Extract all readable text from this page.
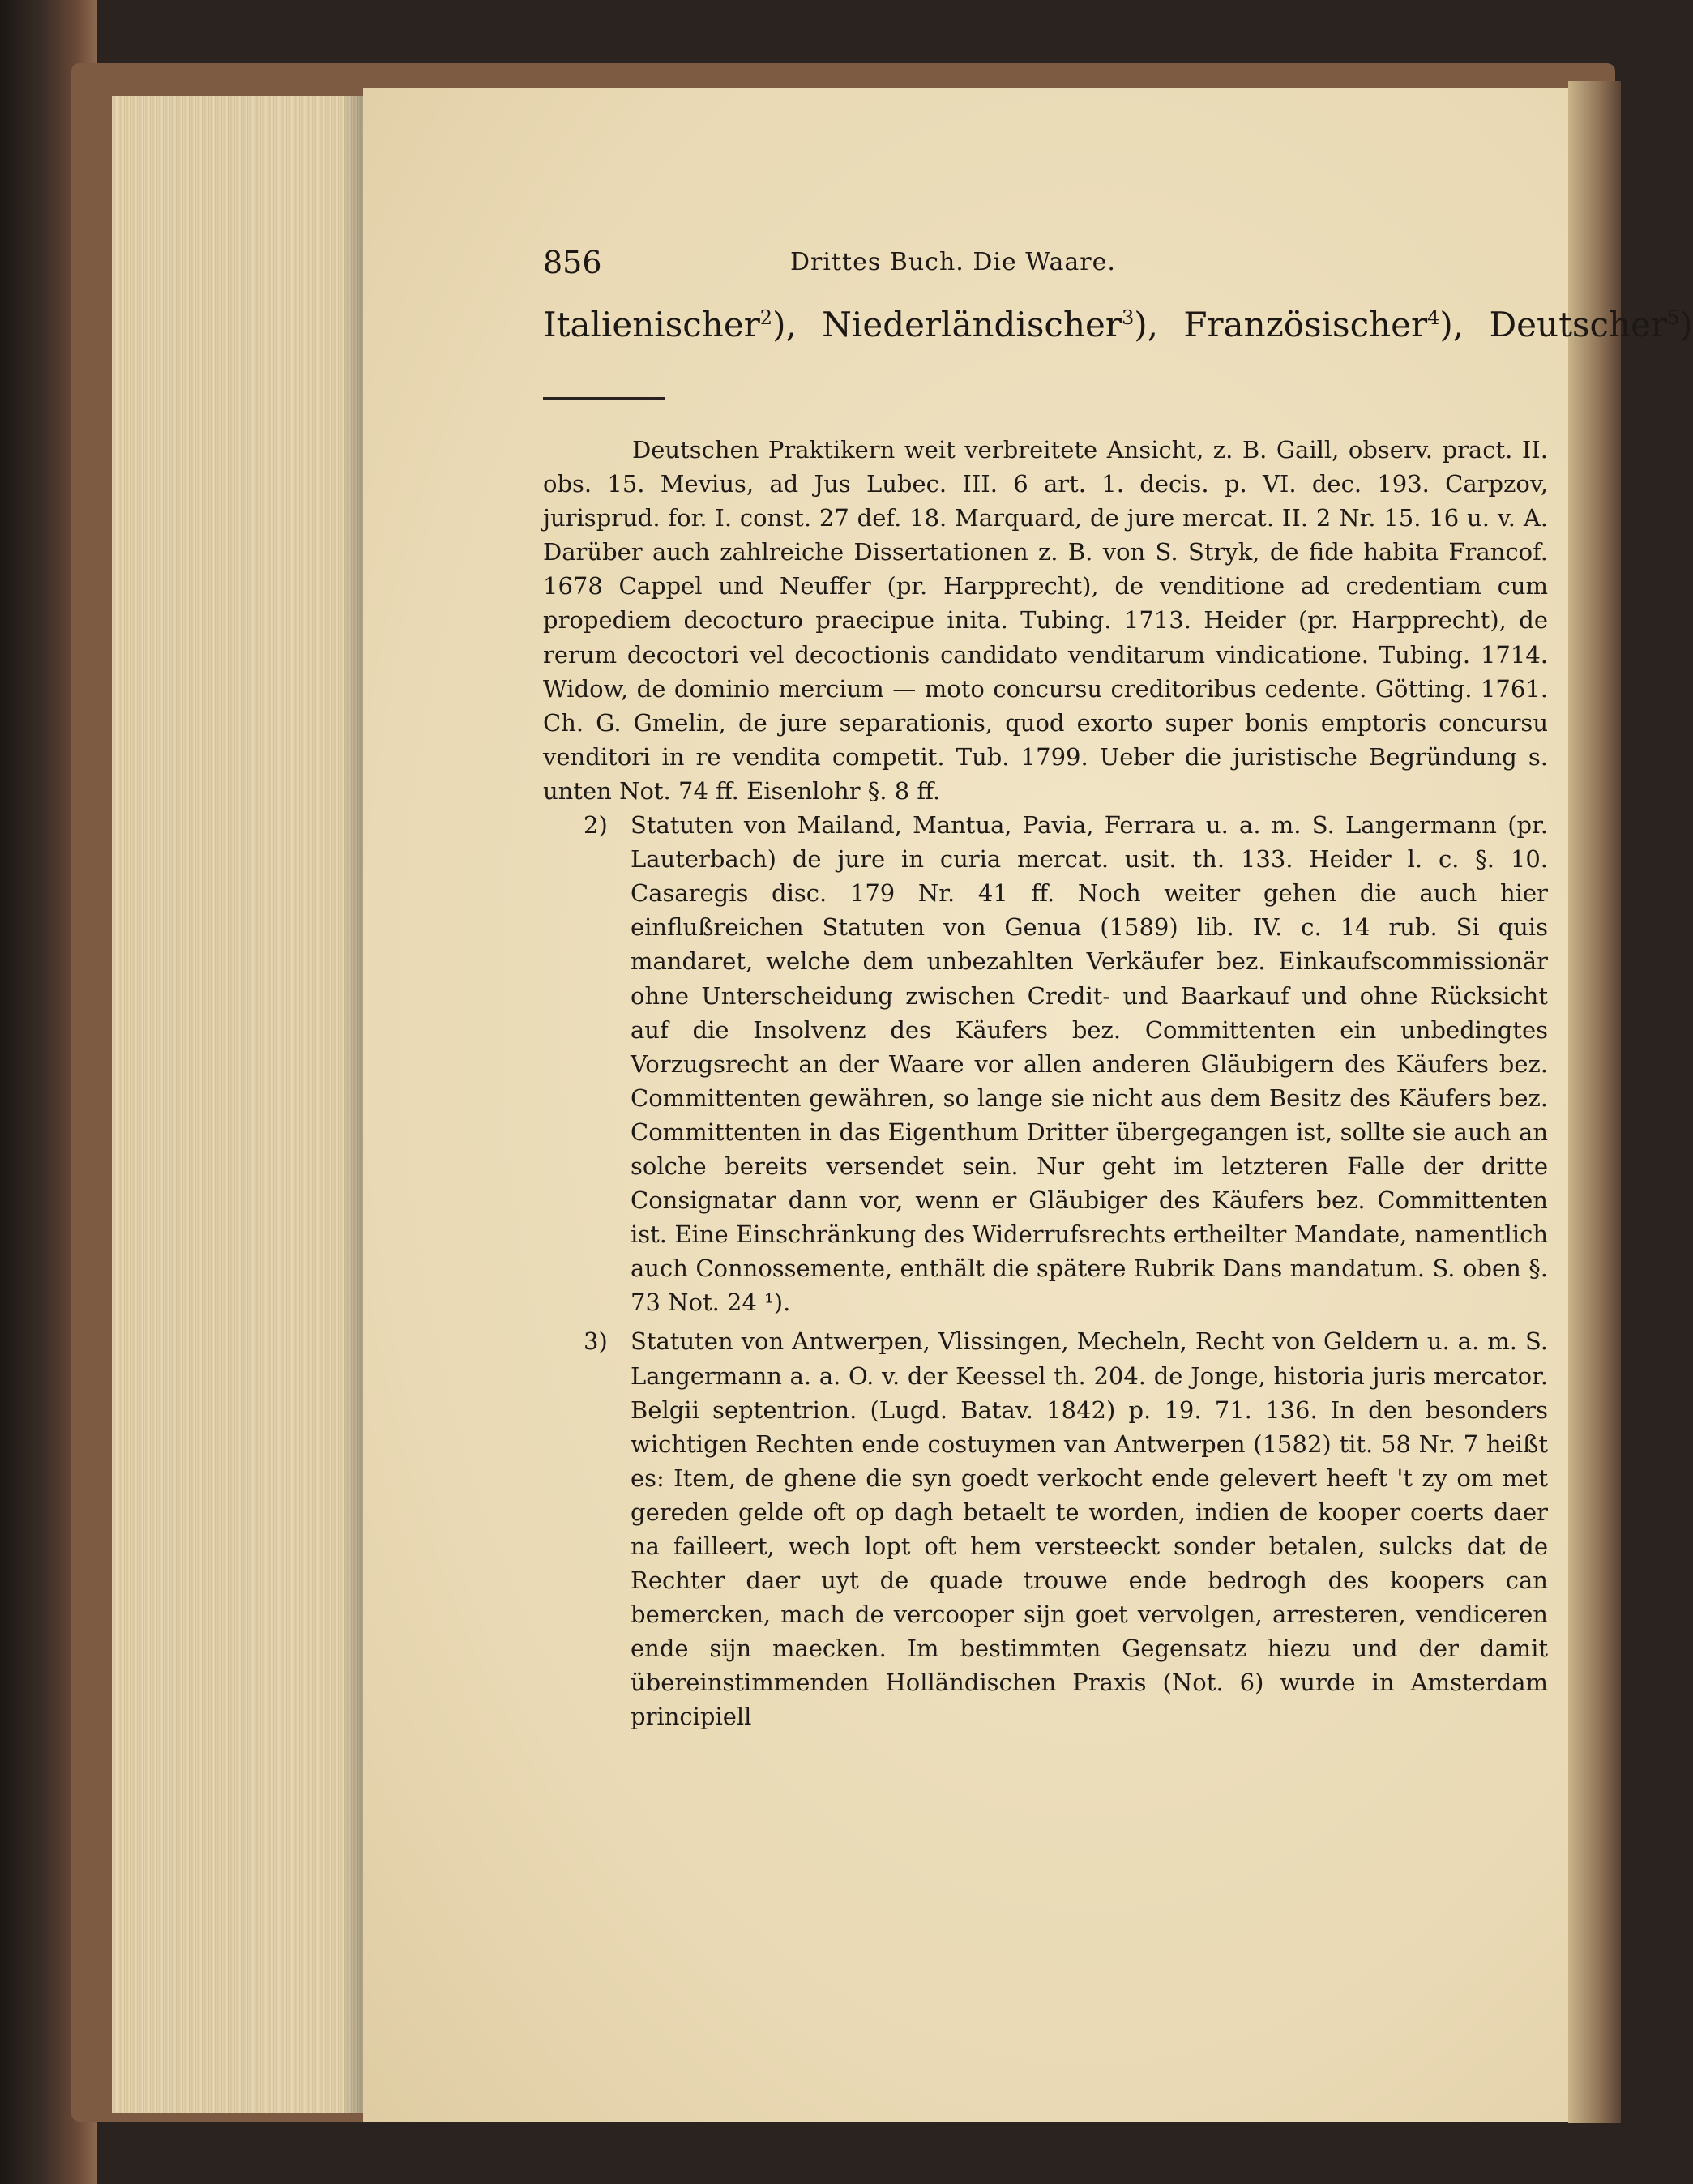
856	Drittes Buch. Die Waare.
Italienischer$^2$), Niederländischer$^3$), Französischer$^4$), Deutscher$^5$)

Deutschen Praktikern weit verbreitete Ansicht, z. B. Gaill, observ. pract. II. obs. 15. Mevius, ad Jus Lubec. III. 6 art. 1. decis. p. VI. dec. 193. Carpzov, jurisprud. for. I. const. 27 def. 18. Marquard, de jure mercat. II. 2 Nr. 15. 16 u. v. A. Darüber auch zahlreiche Dissertationen z. B. von S. Stryk, de fide habita Francof. 1678 Cappel und Neuffer (pr. Harpprecht), de venditione ad credentiam cum propediem decocturo praecipue inita. Tubing. 1713. Heider (pr. Harpprecht), de rerum decoctori vel decoctionis candidato venditarum vindicatione. Tubing. 1714. Widow, de dominio mercium — moto concursu creditoribus cedente. Götting. 1761. Ch. G. Gmelin, de jure separationis, quod exorto super bonis emptoris concursu venditori in re vendita competit. Tub. 1799. Ueber die juristische Begründung s. unten Not. 74 ff. Eisenlohr §. 8 ff.

2) Statuten von Mailand, Mantua, Pavia, Ferrara u. a. m. S. Langermann (pr. Lauterbach) de jure in curia mercat. usit. th. 133. Heider l. c. §. 10. Casaregis disc. 179 Nr. 41 ff. Noch weiter gehen die auch hier einflußreichen Statuten von Genua (1589) lib. IV. c. 14 rub. Si quis mandaret, welche dem unbezahlten Verkäufer bez. Einkaufscommissionär ohne Unterscheidung zwischen Credit- und Baarkauf und ohne Rücksicht auf die Insolvenz des Käufers bez. Committenten ein unbedingtes Vorzugsrecht an der Waare vor allen anderen Gläubigern des Käufers bez. Committenten gewähren, so lange sie nicht aus dem Besitz des Käufers bez. Committenten in das Eigenthum Dritter übergegangen ist, sollte sie auch an solche bereits versendet sein. Nur geht im letzteren Falle der dritte Consignatar dann vor, wenn er Gläubiger des Käufers bez. Committenten ist. Eine Einschränkung des Widerrufsrechts ertheilter Mandate, namentlich auch Connossemente, enthält die spätere Rubrik Dans mandatum. S. oben §. 73 Not. 24 ¹).
3) Statuten von Antwerpen, Vlissingen, Mecheln, Recht von Geldern u. a. m. S. Langermann a. a. O. v. der Keessel th. 204. de Jonge, historia juris mercator. Belgii septentrion. (Lugd. Batav. 1842) p. 19. 71. 136. In den besonders wichtigen Rechten ende costuymen van Antwerpen (1582) tit. 58 Nr. 7 heißt es: Item, de ghene die syn goedt verkocht ende gelevert heeft 't zy om met gereden gelde oft op dagh betaelt te worden, indien de kooper coerts daer na failleert, wech lopt oft hem versteeckt sonder betalen, sulcks dat de Rechter daer uyt de quade trouwe ende bedrogh des koopers can bemercken, mach de vercooper sijn goet vervolgen, arresteren, vendiceren ende sijn maecken. Im bestimmten Gegensatz hiezu und der damit übereinstimmenden Holländischen Praxis (Not. 6) wurde in Amsterdam principiell
